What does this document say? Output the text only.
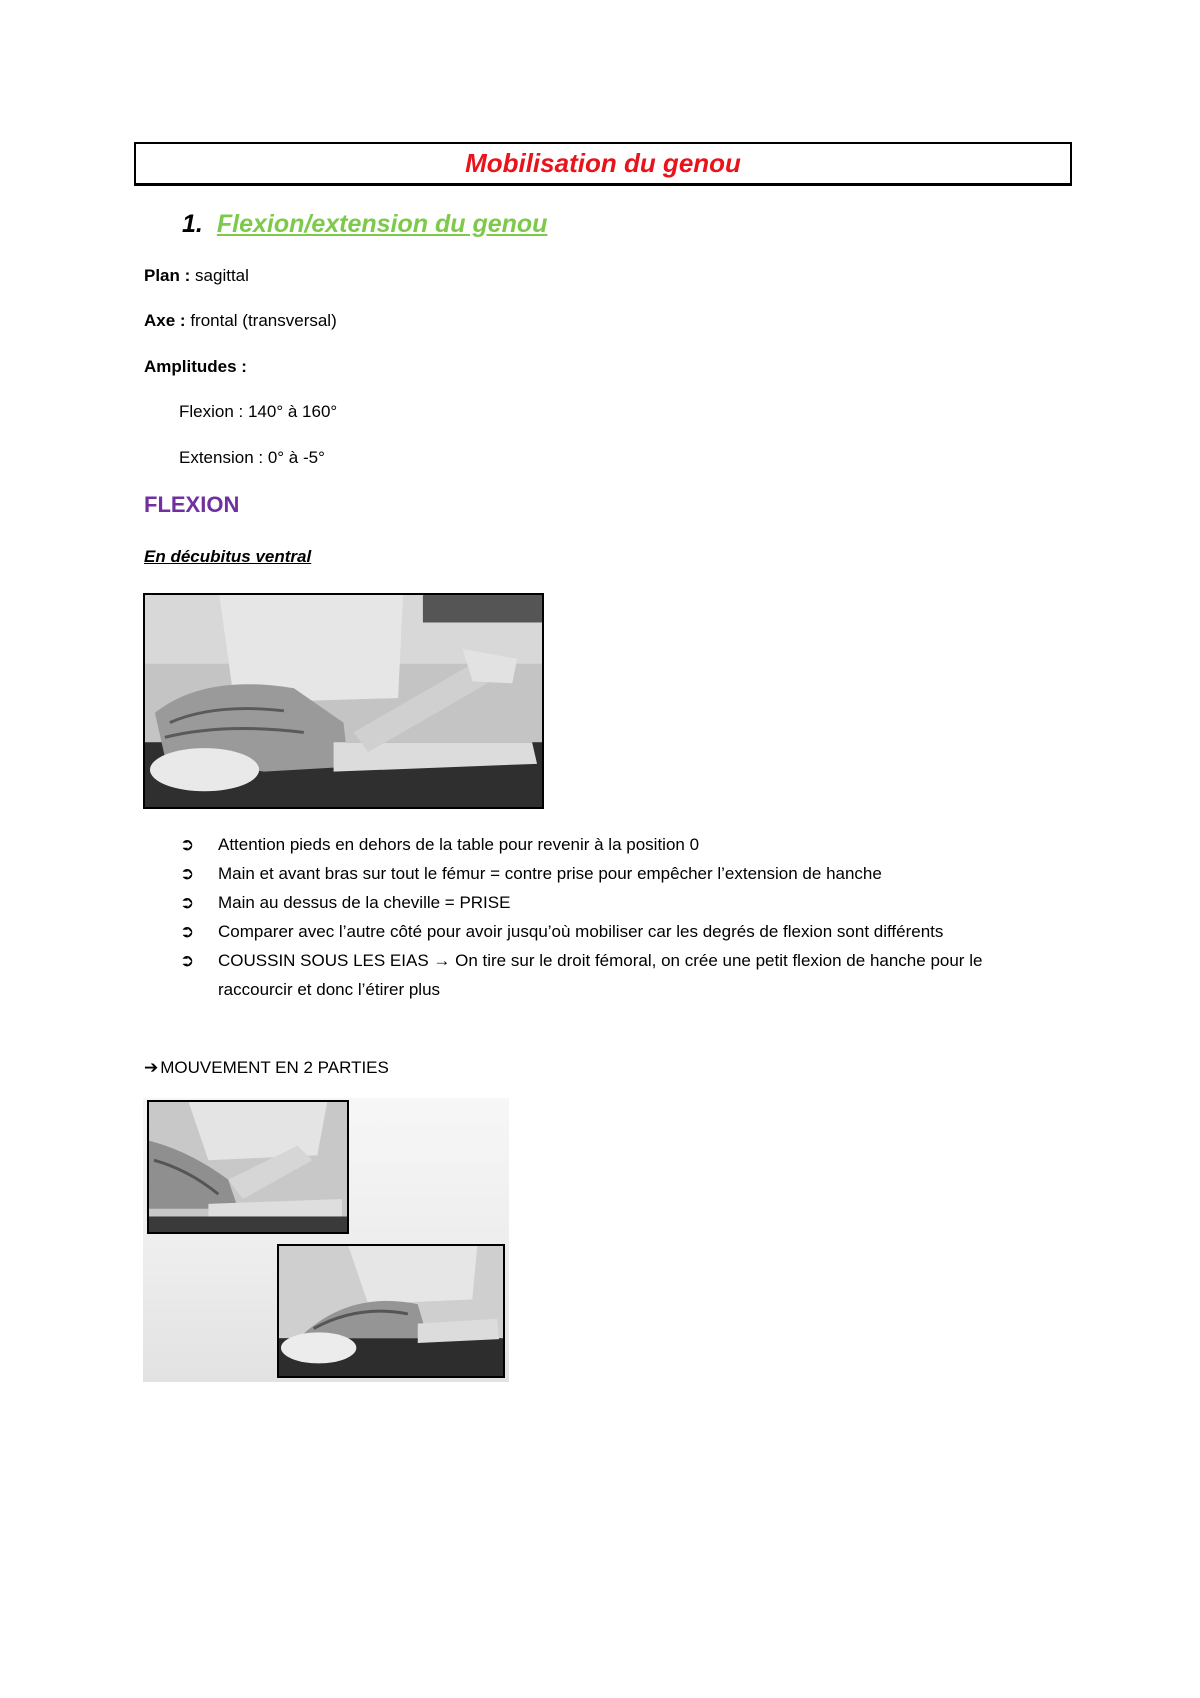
Mobilisation du genou
1. Flexion/extension du genou
Plan : sagittal
Axe : frontal (transversal)
Amplitudes :
Flexion : 140° à 160°
Extension : 0° à -5°
FLEXION
En décubitus ventral
➲ Attention pieds en dehors de la table pour revenir à la position 0
➲ Main et avant bras sur tout le fémur = contre prise pour empêcher l’extension de hanche
➲ Main au dessus de la cheville = PRISE
➲ Comparer avec l’autre côté pour avoir jusqu’où mobiliser car les degrés de flexion sont différents
➲ COUSSIN SOUS LES EIAS → On tire sur le droit fémoral, on crée une petit flexion de hanche pour le raccourcir et donc l’étirer plus
➔ MOUVEMENT EN 2 PARTIES
